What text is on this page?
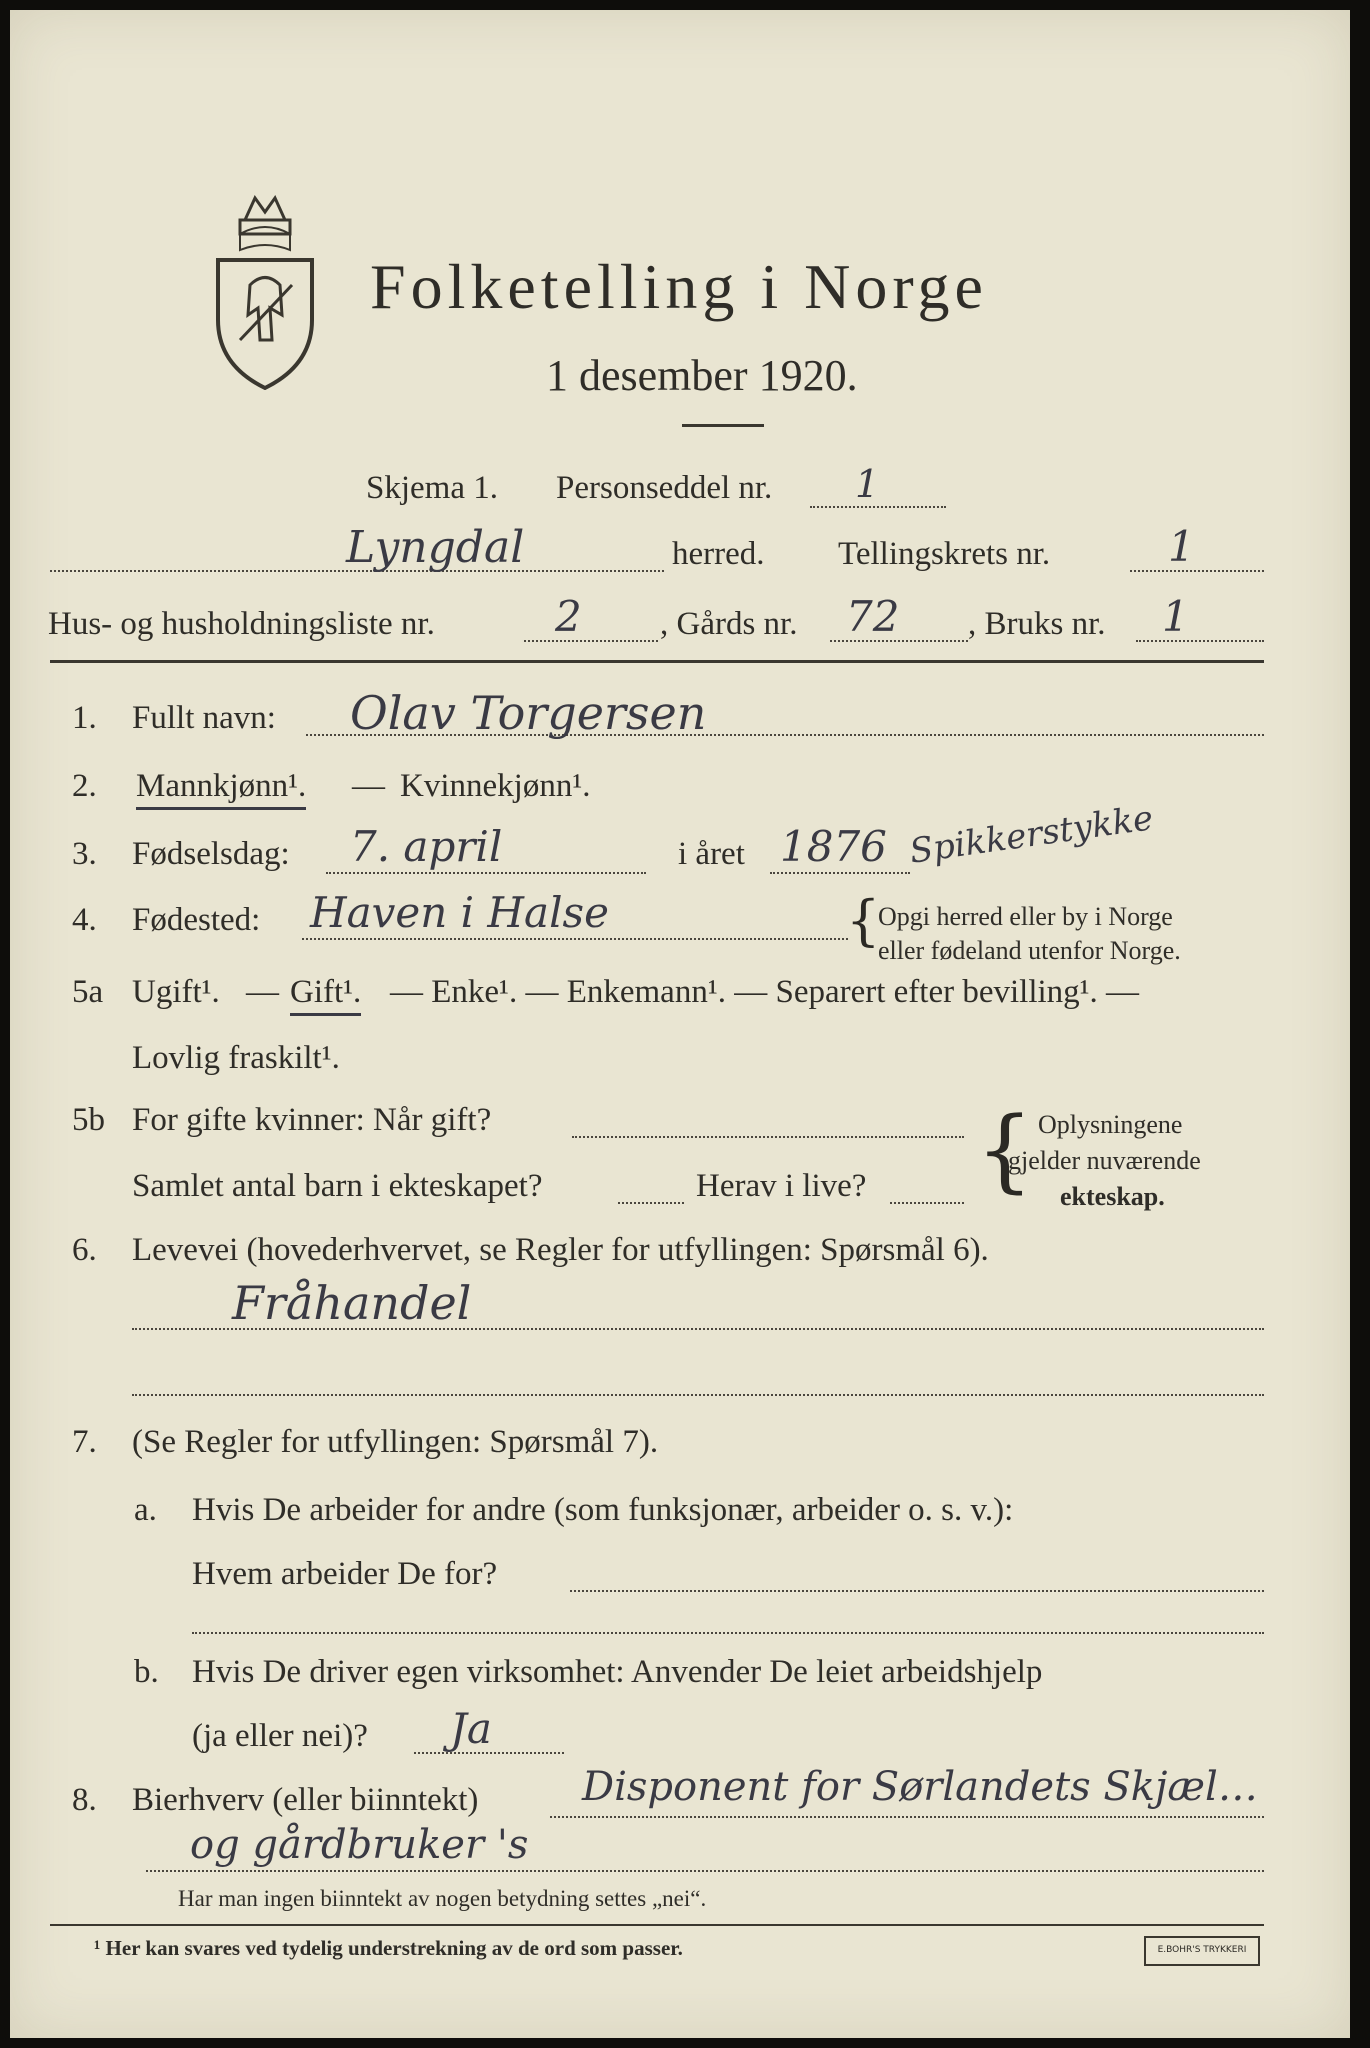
Folketelling i Norge
1 desember 1920.
Skjema 1. Personseddel nr. 1
Lyngdal	herred. Tellingskrets nr.	1
Hus- og husholdningsliste nr.	2 , Gårds nr. 72 , Bruks nr. 1
1. Fullt navn: Olav Torgersen
2. Mannkjønn¹. — Kvinnekjønn¹.
3. Fødselsdag: 7. april	i året 1876 Spikkerstykke
4. Fødested: Haven i Halse	{
Opgi herred eller by i Norge
eller fødeland utenfor Norge.
5a Ugift¹. — Gift¹. — Enke¹. — Enkemann¹. — Separert efter bevilling¹. —
Lovlig fraskilt¹.
5b For gifte kvinner: Når gift?
Samlet antal barn i ekteskapet?	Herav i live? { Oplysningene
gjelder nuværende
ekteskap.
6. Levevei (hovederhvervet, se Regler for utfyllingen: Spørsmål 6).
Fråhandel
7. (Se Regler for utfyllingen: Spørsmål 7).
a. Hvis De arbeider for andre (som funksjonær, arbeider o. s. v.):
Hvem arbeider De for?
b. Hvis De driver egen virksomhet: Anvender De leiet arbeidshjelp
(ja eller nei)? Ja
8. Bierhverv (eller biinntekt)	Disponent for Sørlandets Skjæl…
og gårdbruker 's
Har man ingen biinntekt av nogen betydning settes „nei“.
¹ Her kan svares ved tydelig understrekning av de ord som passer.	E.BOHR'S TRYKKERI
